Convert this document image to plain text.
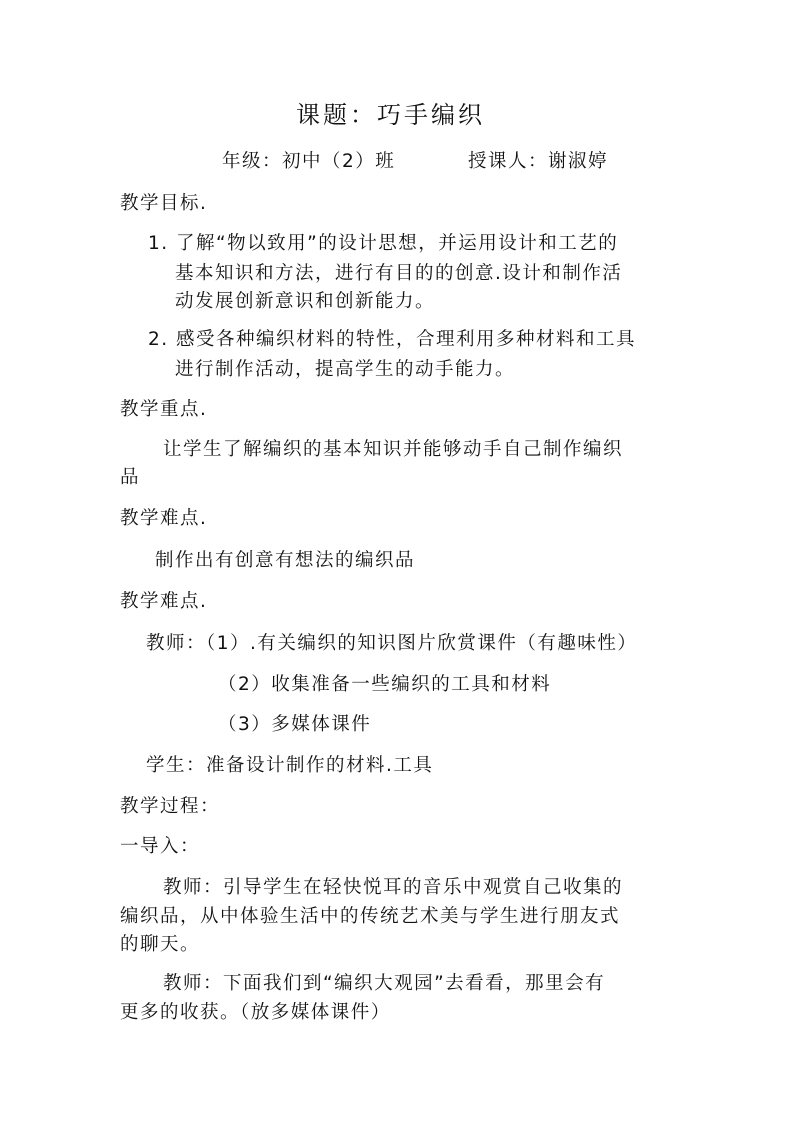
课题：巧手编织
年级：初中（2）班	授课人：谢淑婷
教学目标.
1. 了解“物以致用”的设计思想，并运用设计和工艺的
基本知识和方法，进行有目的的创意.设计和制作活
动发展创新意识和创新能力。
2. 感受各种编织材料的特性，合理利用多种材料和工具
进行制作活动，提高学生的动手能力。
教学重点.
让学生了解编织的基本知识并能够动手自己制作编织
品
教学难点.
制作出有创意有想法的编织品
教学难点.
教师：（1）.有关编织的知识图片欣赏课件（有趣味性）
（2）收集准备一些编织的工具和材料
（3）多媒体课件
学生：准备设计制作的材料.工具
教学过程：
一导入：
教师：引导学生在轻快悦耳的音乐中观赏自己收集的
编织品，从中体验生活中的传统艺术美与学生进行朋友式
的聊天。
教师：下面我们到“编织大观园”去看看，那里会有
更多的收获。（放多媒体课件）
